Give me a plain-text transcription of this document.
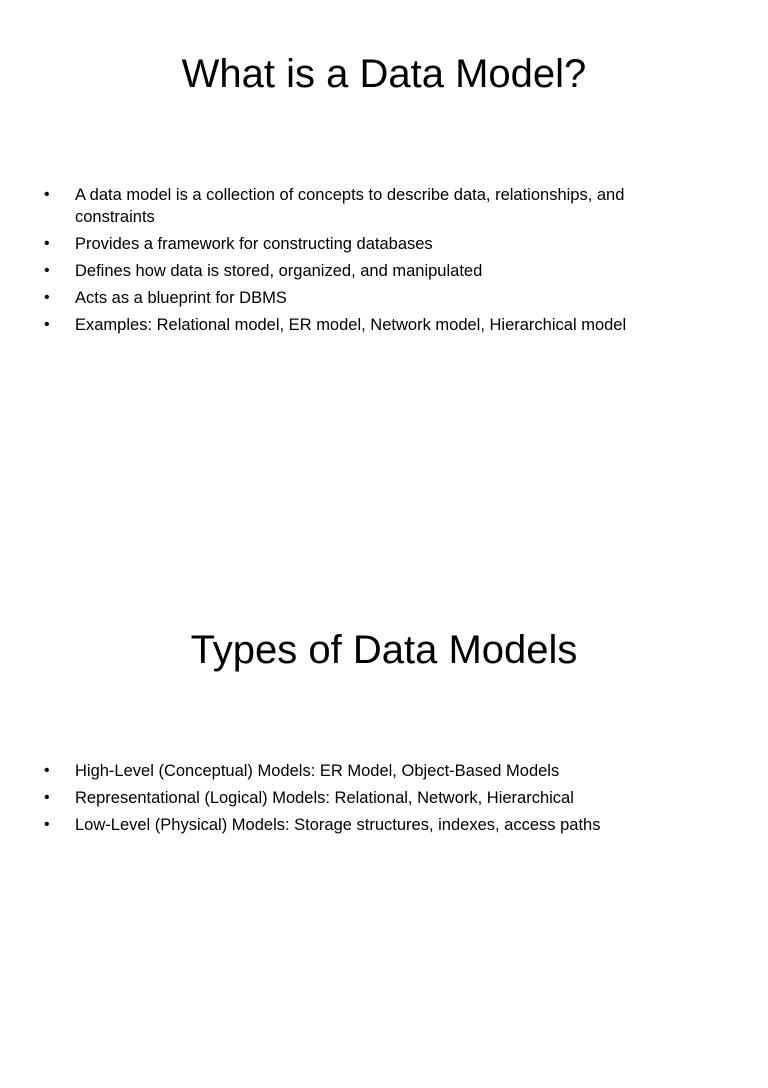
What is a Data Model?
•	A data model is a collection of concepts to describe data, relationships, and constraints
•	Provides a framework for constructing databases
•	Defines how data is stored, organized, and manipulated
•	Acts as a blueprint for DBMS
•	Examples: Relational model, ER model, Network model, Hierarchical model
Types of Data Models
•	High-Level (Conceptual) Models: ER Model, Object-Based Models
•	Representational (Logical) Models: Relational, Network, Hierarchical
•	Low-Level (Physical) Models: Storage structures, indexes, access paths
